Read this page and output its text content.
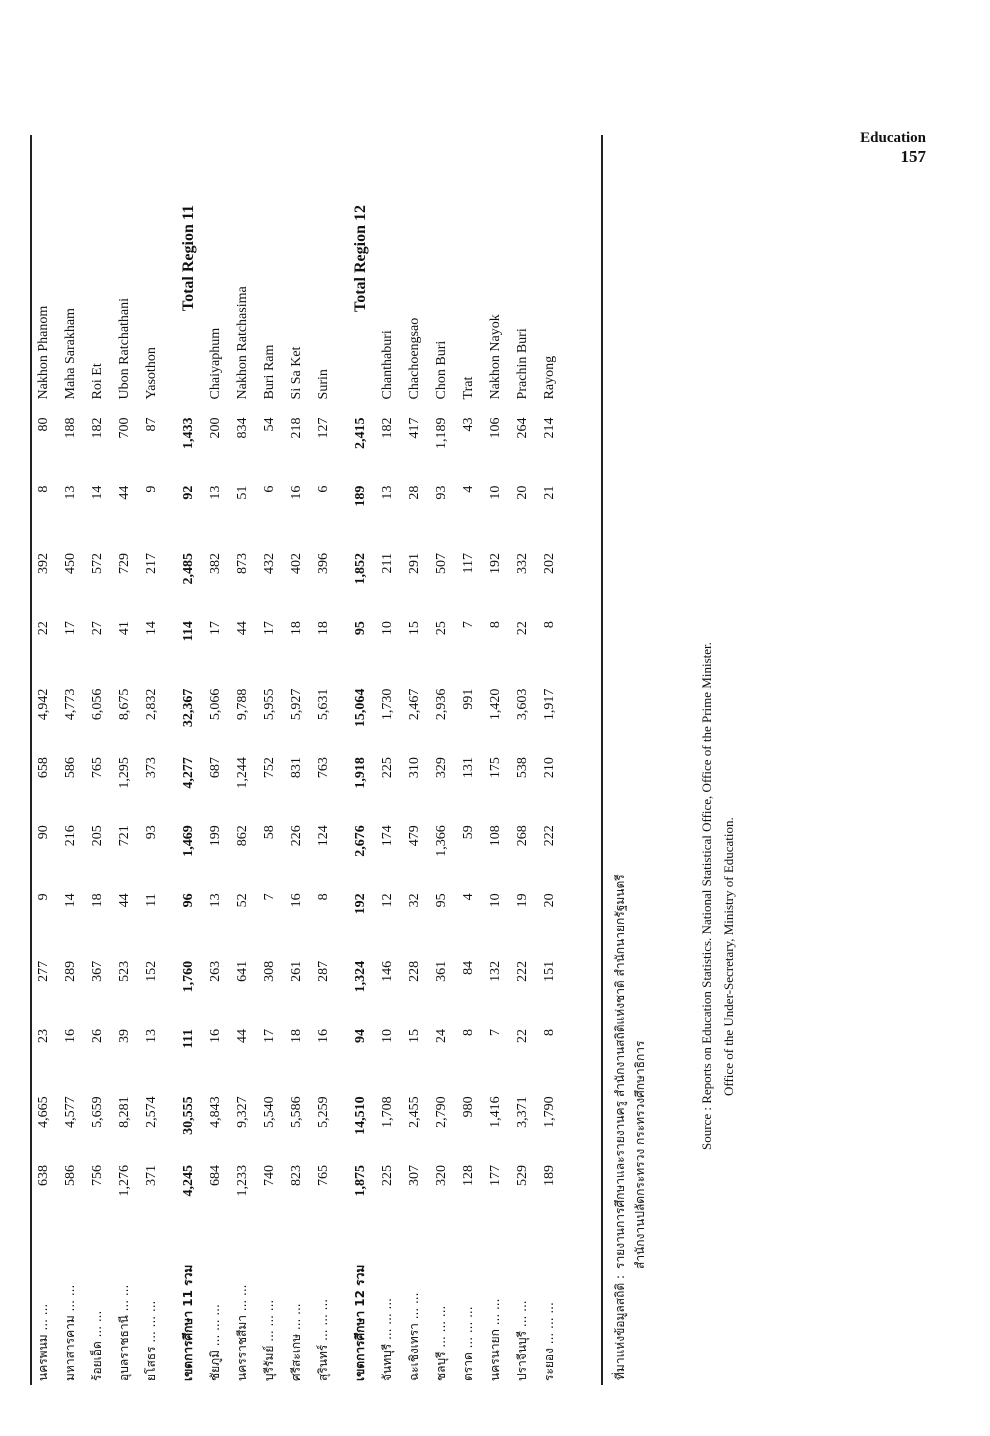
Education
157
นครพนม ... ...	638	4,665	23	277	9	90	658	4,942	22	392	8	80	Nakhon Phanom
มหาสารคาม ... ...	586	4,577	16	289	14	216	586	4,773	17	450	13	188	Maha Sarakham
ร้อยเอ็ด ... ...	756	5,659	26	367	18	205	765	6,056	27	572	14	182	Roi Et
อุบลราชธานี ... ...	1,276	8,281	39	523	44	721	1,295	8,675	41	729	44	700	Ubon Ratchathani
ยโสธร ... ... ...	371	2,574	13	152	11	93	373	2,832	14	217	9	87	Yasothon
เขตการศึกษา 11 รวม	4,245	30,555	111	1,760	96	1,469	4,277	32,367	114	2,485	92	1,433	Total Region 11
ชัยภูมิ ... ... ...	684	4,843	16	263	13	199	687	5,066	17	382	13	200	Chaiyaphum
นครราชสีมา ... ...	1,233	9,327	44	641	52	862	1,244	9,788	44	873	51	834	Nakhon Ratchasima
บุรีรัมย์ ... ... ...	740	5,540	17	308	7	58	752	5,955	17	432	6	54	Buri Ram
ศรีสะเกษ ... ...	823	5,586	18	261	16	226	831	5,927	18	402	16	218	Si Sa Ket
สุรินทร์ ... ... ...	765	5,259	16	287	8	124	763	5,631	18	396	6	127	Surin
เขตการศึกษา 12 รวม	1,875	14,510	94	1,324	192	2,676	1,918	15,064	95	1,852	189	2,415	Total Region 12
จันทบุรี ... ... ...	225	1,708	10	146	12	174	225	1,730	10	211	13	182	Chanthaburi
ฉะเชิงเทรา ... ...	307	2,455	15	228	32	479	310	2,467	15	291	28	417	Chachoengsao
ชลบุรี ... ... ...	320	2,790	24	361	95	1,366	329	2,936	25	507	93	1,189	Chon Buri
ตราด ... ... ...	128	980	8	84	4	59	131	991	7	117	4	43	Trat
นครนายก ... ...	177	1,416	7	132	10	108	175	1,420	8	192	10	106	Nakhon Nayok
ปราจีนบุรี ... ...	529	3,371	22	222	19	268	538	3,603	22	332	20	264	Prachin Buri
ระยอง ... ... ...	189	1,790	8	151	20	222	210	1,917	8	202	21	214	Rayong
ที่มาแห่งข้อมูลสถิติ :
รายงานการศึกษาและรายงานครู สำนักงานสถิติแห่งชาติ สำนักนายกรัฐมนตรี สำนักงานปลัดกระทรวง กระทรวงศึกษาธิการ	Source : Reports on Education Statistics. National Statistical Office, Office of the Prime Minister. Office of the Under-Secretary, Ministry of Education.
